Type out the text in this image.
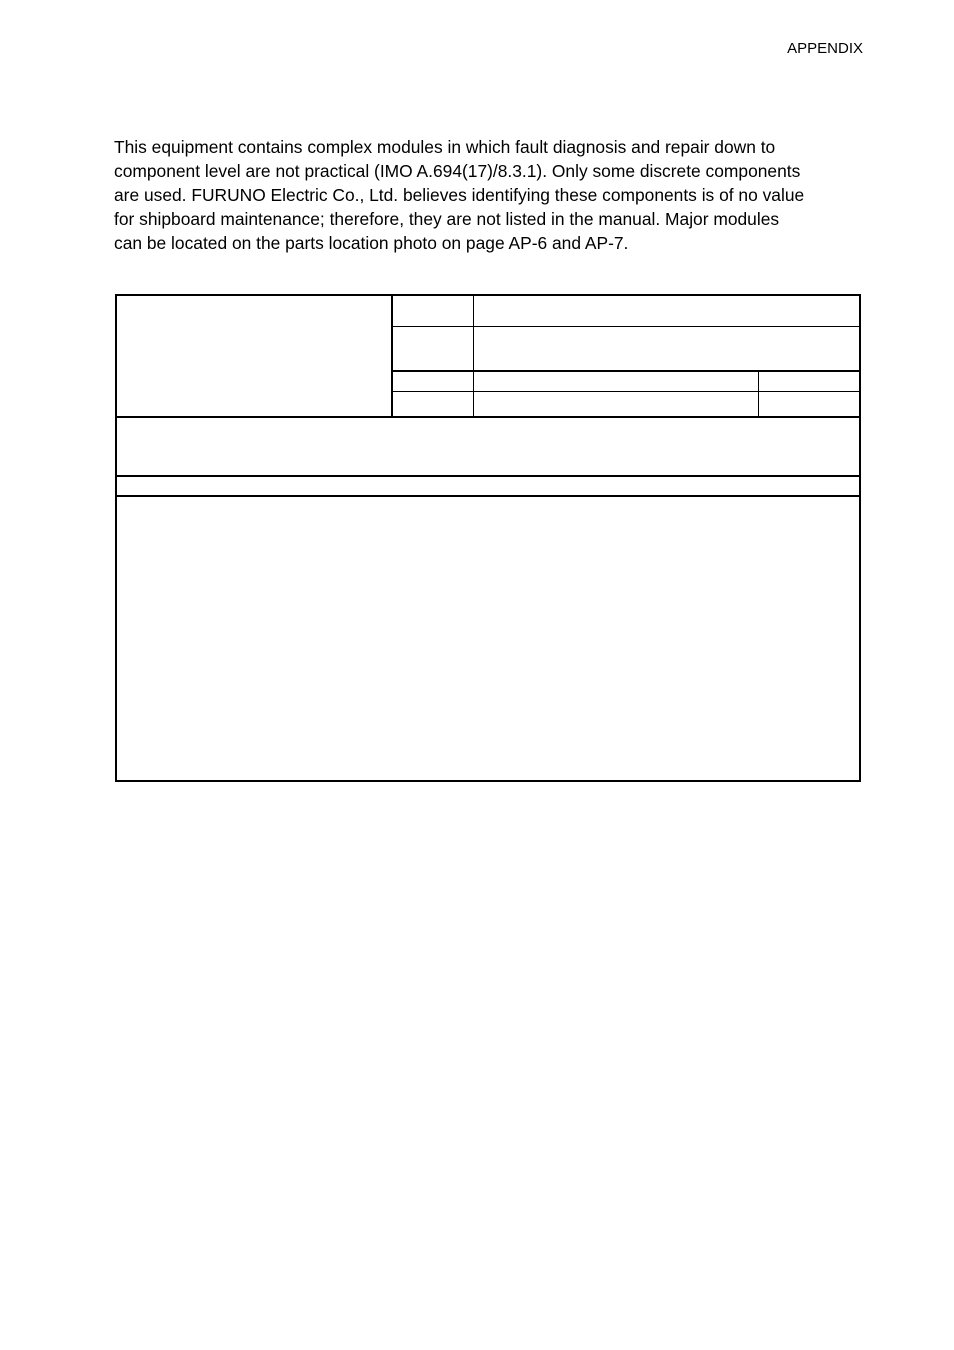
APPENDIX
This equipment contains complex modules in which fault diagnosis and repair down to
component level are not practical (IMO A.694(17)/8.3.1). Only some discrete components
are used. FURUNO Electric Co., Ltd. believes identifying these components is of no value
for shipboard maintenance; therefore, they are not listed in the manual. Major modules
can be located on the parts location photo on page AP-6 and AP-7.
